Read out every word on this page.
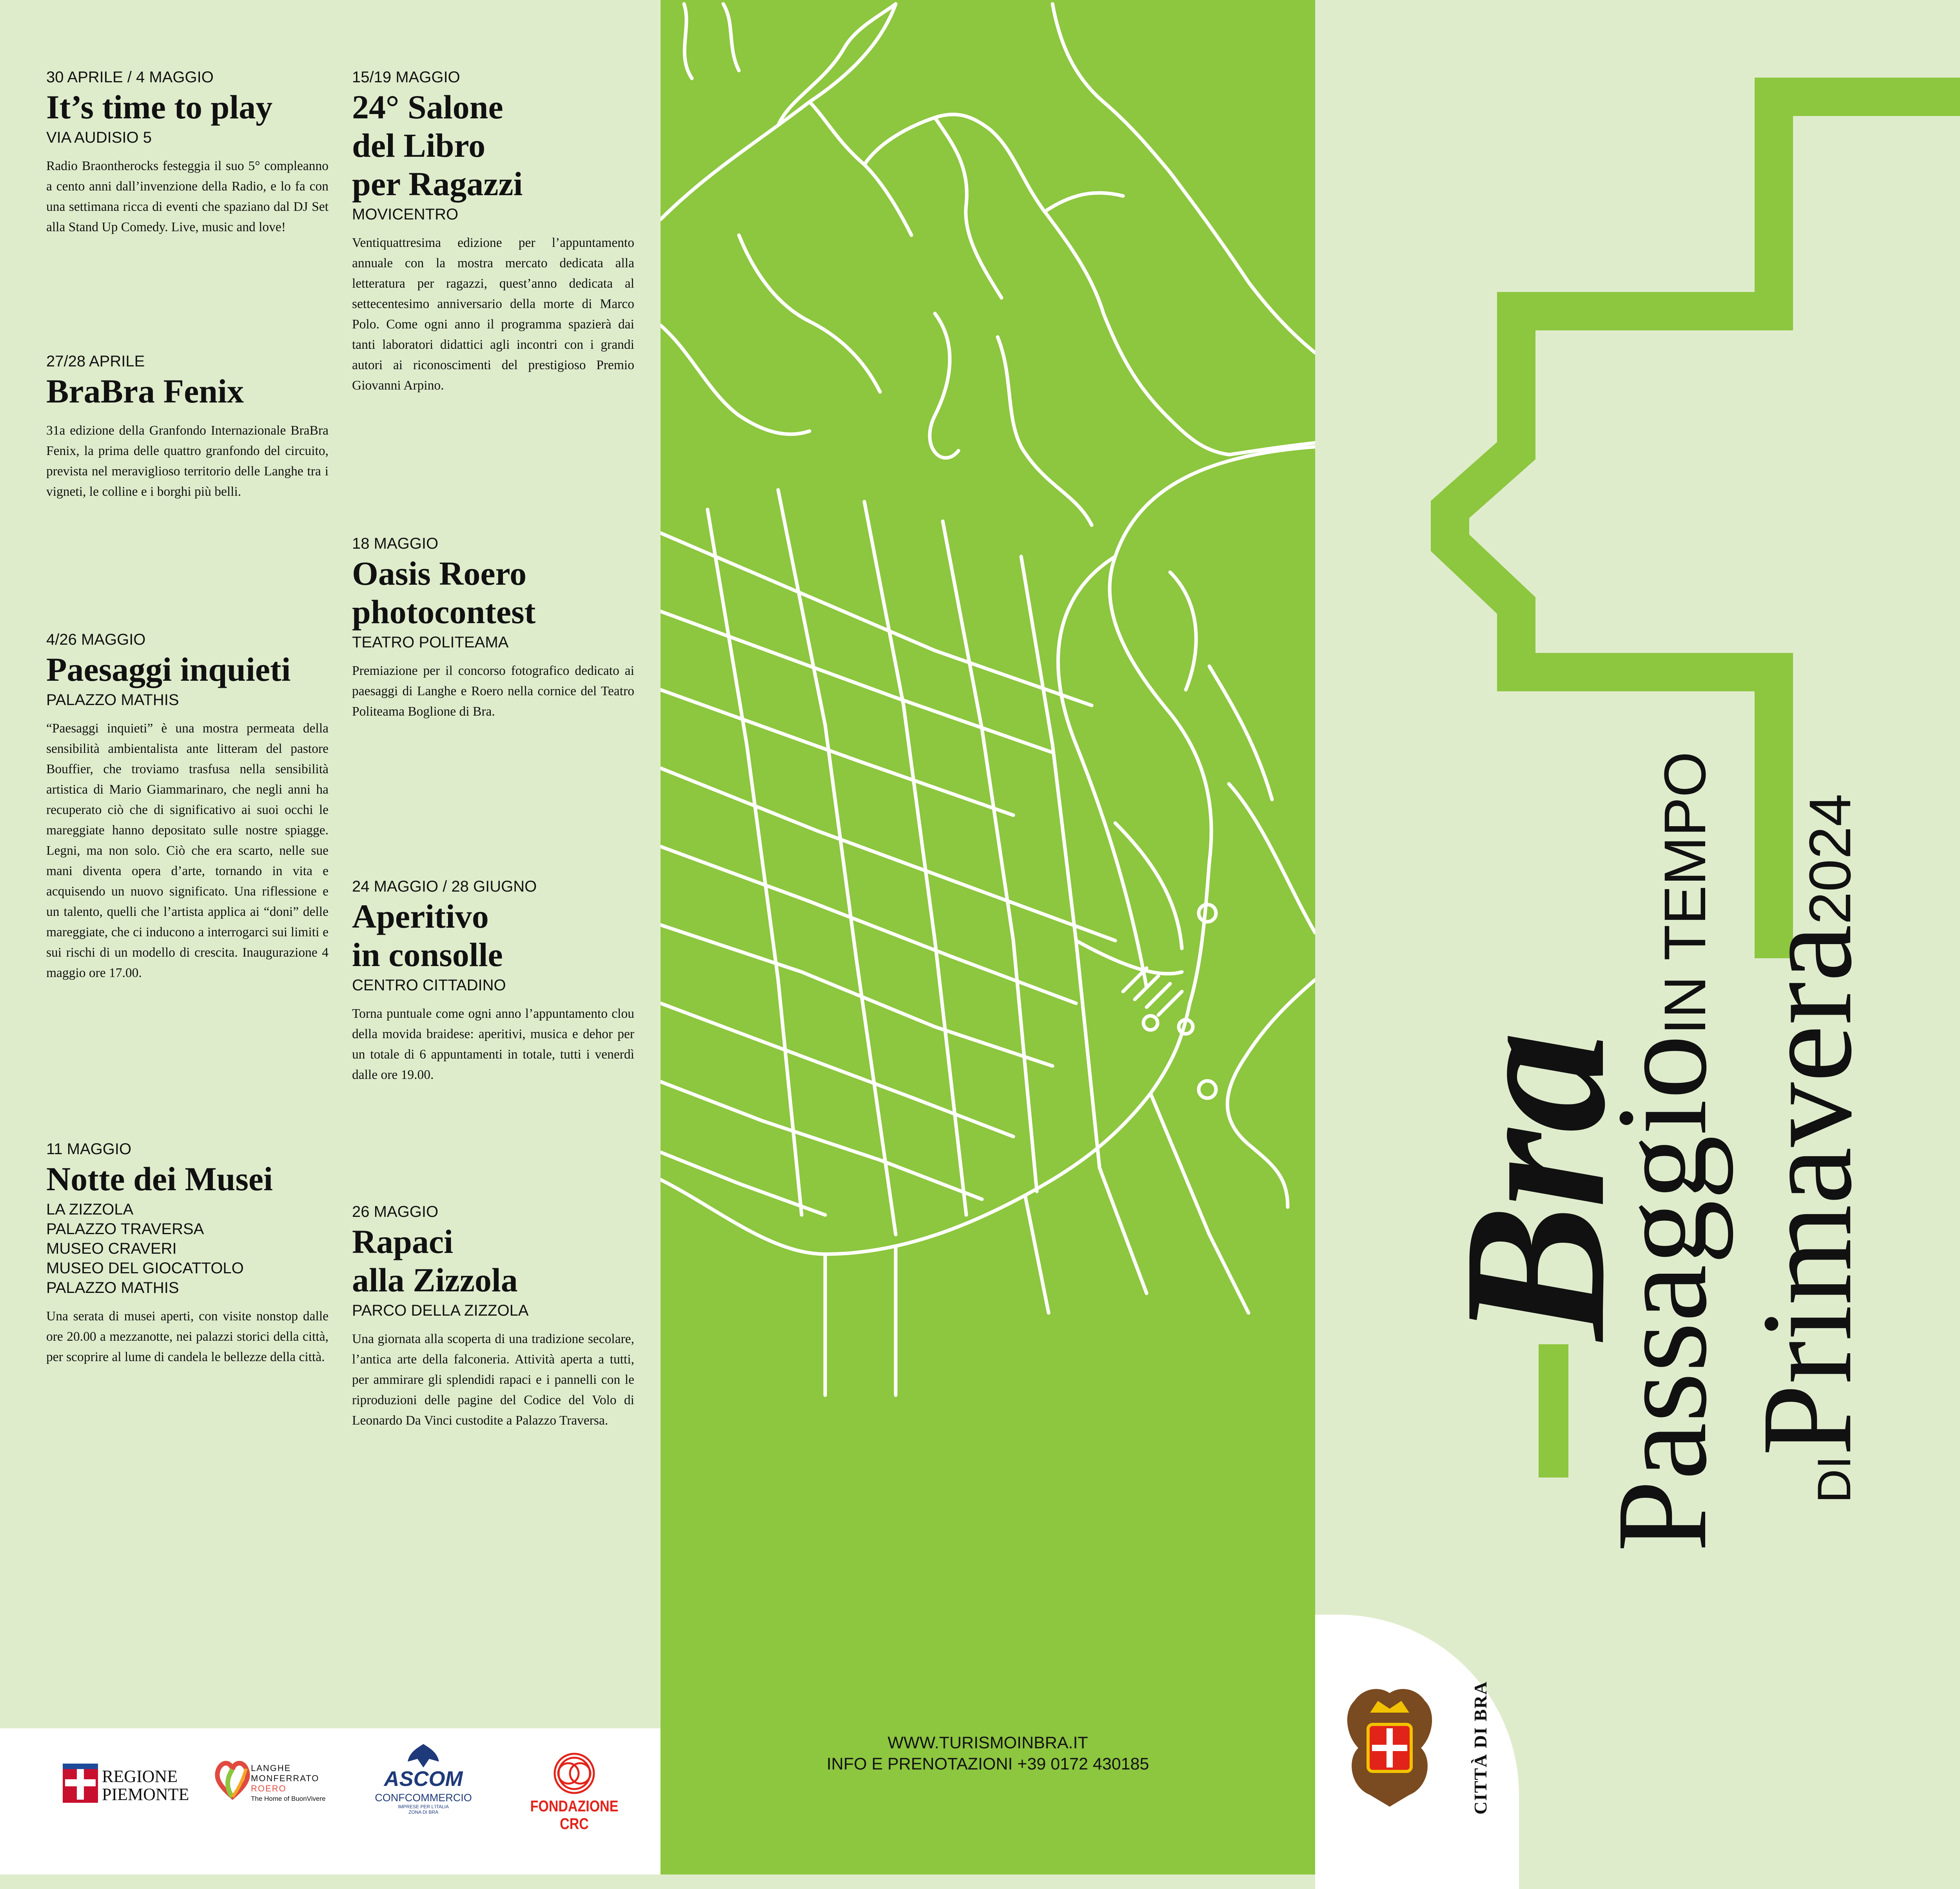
30 APRILE / 4 MAGGIO
It’s time to play
VIA AUDISIO 5

Radio Braontherocks festeggia il suo 5° compleanno a cento anni dall’invenzione della Radio, e lo fa con una settimana ricca di eventi che spaziano dal DJ Set alla Stand Up Comedy. Live, music and love!

27/28 APRILE
BraBra Fenix

31a edizione della Granfondo Internazionale BraBra Fenix, la prima delle quattro granfondo del circuito, prevista nel meraviglioso territorio delle Langhe tra i vigneti, le colline e i borghi più belli.

4/26 MAGGIO
Paesaggi inquieti
PALAZZO MATHIS

“Paesaggi inquieti” è una mostra permeata della sensibilità ambientalista ante litteram del pastore Bouffier, che troviamo trasfusa nella sensibilità artistica di Mario Giammarinaro, che negli anni ha recuperato ciò che di significativo ai suoi occhi le mareggiate hanno depositato sulle nostre spiagge. Legni, ma non solo. Ciò che era scarto, nelle sue mani diventa opera d’arte, tornando in vita e acquisendo un nuovo significato. Una riflessione e un talento, quelli che l’artista applica ai “doni” delle mareggiate, che ci inducono a interrogarci sui limiti e sui rischi di un modello di crescita. Inaugurazione 4 maggio ore 17.00.

11 MAGGIO
Notte dei Musei
LA ZIZZOLA
PALAZZO TRAVERSA
MUSEO CRAVERI
MUSEO DEL GIOCATTOLO
PALAZZO MATHIS

Una serata di musei aperti, con visite nonstop dalle ore 20.00 a mezzanotte, nei palazzi storici della città, per scoprire al lume di candela le bellezze della città.

15/19 MAGGIO
24° Salone
del Libro
per Ragazzi
MOVICENTRO

Ventiquattresima edizione per l’appuntamento annuale con la mostra mercato dedicata alla letteratura per ragazzi, quest’anno dedicata al settecentesimo anniversario della morte di Marco Polo. Come ogni anno il programma spazierà dai tanti laboratori didattici agli incontri con i grandi autori ai riconoscimenti del prestigioso Premio Giovanni Arpino.

18 MAGGIO
Oasis Roero
photocontest
TEATRO POLITEAMA

Premiazione per il concorso fotografico dedicato ai paesaggi di Langhe e Roero nella cornice del Teatro Politeama Boglione di Bra.

24 MAGGIO / 28 GIUGNO
Aperitivo
in consolle
CENTRO CITTADINO

Torna puntuale come ogni anno l’appuntamento clou della movida braidese: aperitivi, musica e dehor per un totale di 6 appuntamenti in totale, tutti i venerdì dalle ore 19.00.

26 MAGGIO
Rapaci
alla Zizzola
PARCO DELLA ZIZZOLA

Una giornata alla scoperta di una tradizione secolare, l’antica arte della falconeria. Attività aperta a tutti, per ammirare gli splendidi rapaci e i pannelli con le riproduzioni delle pagine del Codice del Volo di Leonardo Da Vinci custodite a Palazzo Traversa.

REGIONE
PIEMONTE
LANGHE
MONFERRATO
ROERO
The Home of BuonVivere
ASCOM
CONFCOMMERCIO
IMPRESE PER L’ITALIA
ZONA DI BRA	FONDAZIONE CRC
WWW.TURISMOINBRA.IT
INFO E PRENOTAZIONI +39 0172 430185
Bra
PassaggioIN TEMPO
DIPrimavera2024
CITTÀ DI BRA
